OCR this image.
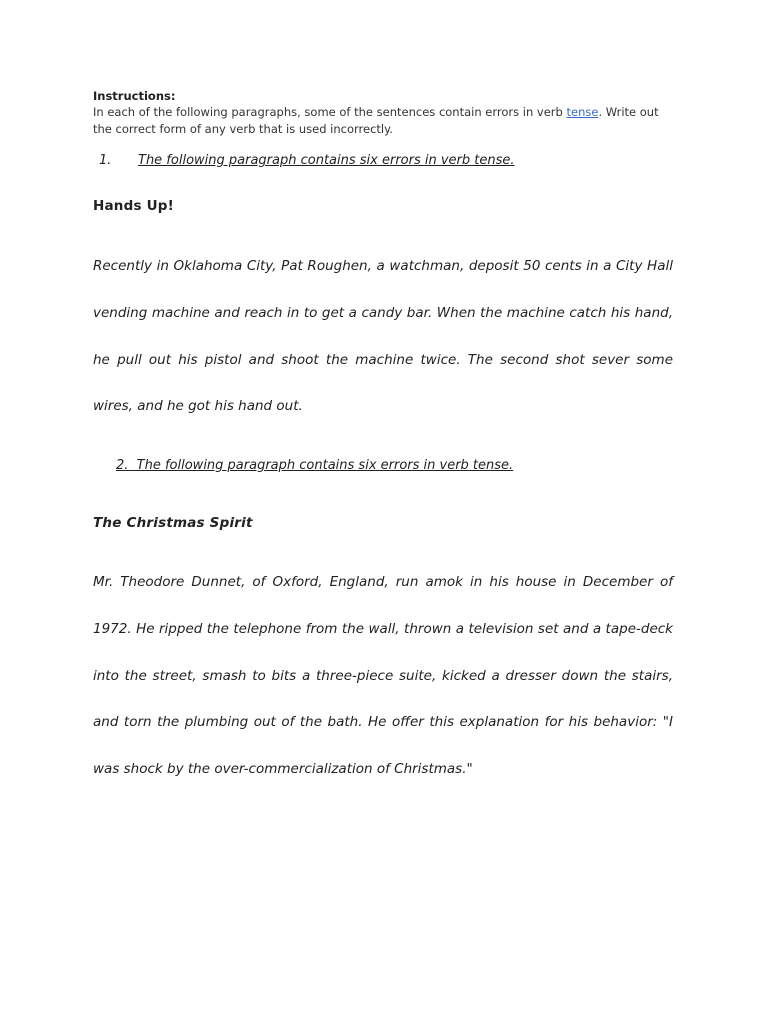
Instructions:

In each of the following paragraphs, some of the sentences contain errors in verb tense. Write out the correct form of any verb that is used incorrectly.

1. The following paragraph contains six errors in verb tense.

Hands Up!

Recently in Oklahoma City, Pat Roughen, a watchman, deposit 50 cents in a City Hall vending machine and reach in to get a candy bar. When the machine catch his hand, he pull out his pistol and shoot the machine twice. The second shot sever some wires, and he got his hand out.

2.  The following paragraph contains six errors in verb tense.

The Christmas Spirit

Mr. Theodore Dunnet, of Oxford, England, run amok in his house in December of 1972. He ripped the telephone from the wall, thrown a television set and a tape-deck into the street, smash to bits a three-piece suite, kicked a dresser down the stairs, and torn the plumbing out of the bath. He offer this explanation for his behavior: "I was shock by the over-commercialization of Christmas."
